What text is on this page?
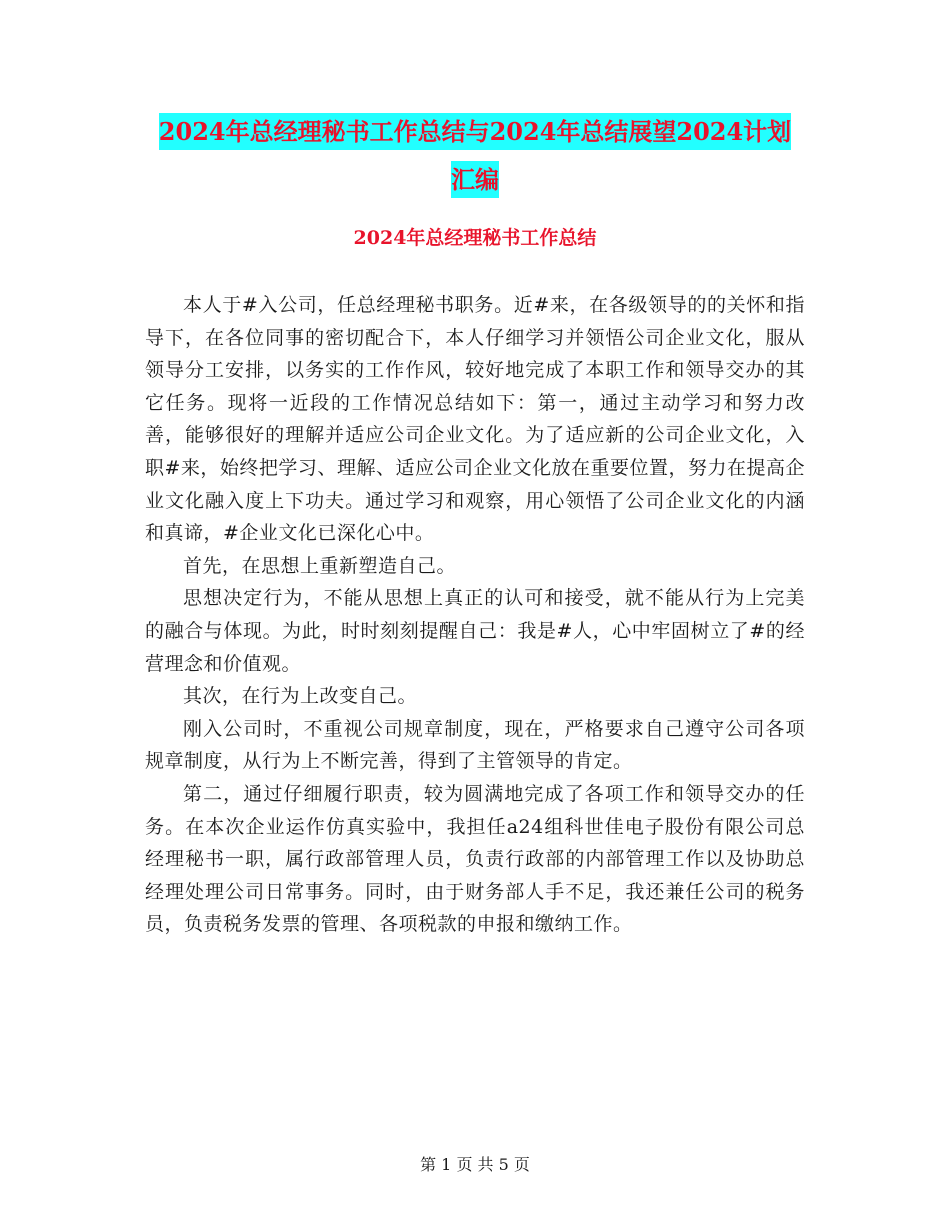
2024年总经理秘书工作总结与2024年总结展望2024计划汇编
2024年总经理秘书工作总结

本人于#入公司，任总经理秘书职务。近#来，在各级领导的的关怀和指导下，在各位同事的密切配合下，本人仔细学习并领悟公司企业文化，服从领导分工安排，以务实的工作作风，较好地完成了本职工作和领导交办的其它任务。现将一近段的工作情况总结如下：第一，通过主动学习和努力改善，能够很好的理解并适应公司企业文化。为了适应新的公司企业文化，入职#来，始终把学习、理解、适应公司企业文化放在重要位置，努力在提高企业文化融入度上下功夫。通过学习和观察，用心领悟了公司企业文化的内涵和真谛，#企业文化已深化心中。

首先，在思想上重新塑造自己。

思想决定行为，不能从思想上真正的认可和接受，就不能从行为上完美的融合与体现。为此，时时刻刻提醒自己：我是#人，心中牢固树立了#的经营理念和价值观。

其次，在行为上改变自己。

刚入公司时，不重视公司规章制度，现在，严格要求自己遵守公司各项规章制度，从行为上不断完善，得到了主管领导的肯定。

第二，通过仔细履行职责，较为圆满地完成了各项工作和领导交办的任务。在本次企业运作仿真实验中，我担任a24组科世佳电子股份有限公司总经理秘书一职，属行政部管理人员，负责行政部的内部管理工作以及协助总经理处理公司日常事务。同时，由于财务部人手不足，我还兼任公司的税务员，负责税务发票的管理、各项税款的申报和缴纳工作。

第 1 页 共 5 页
